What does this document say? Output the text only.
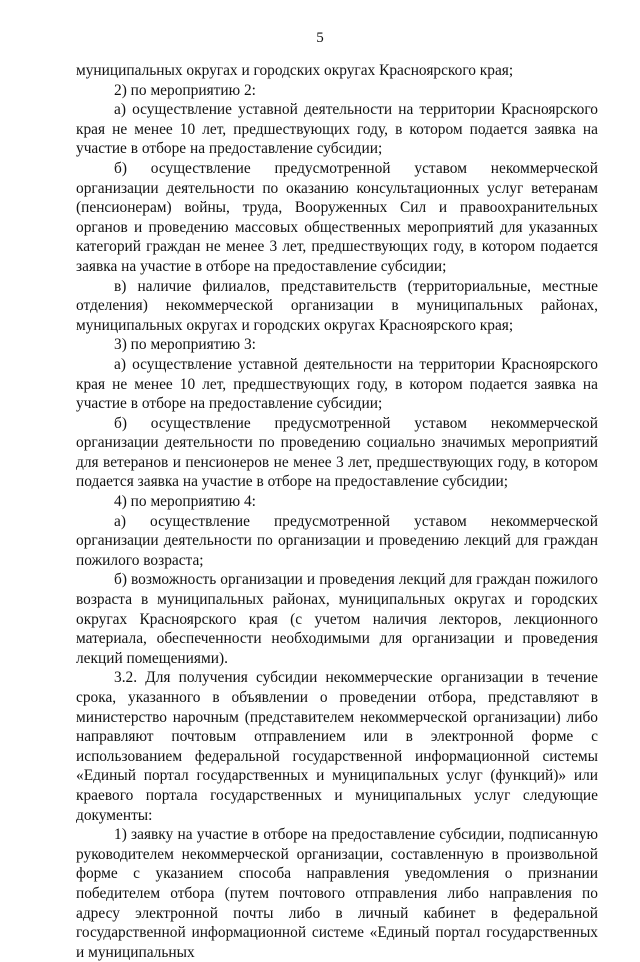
5

муниципальных округах и городских округах Красноярского края;

2) по мероприятию 2:

а) осуществление уставной деятельности на территории Красноярского края не менее 10 лет, предшествующих году, в котором подается заявка на участие в отборе на предоставление субсидии;

б) осуществление предусмотренной уставом некоммерческой организации деятельности по оказанию консультационных услуг ветеранам (пенсионерам) войны, труда, Вооруженных Сил и правоохранительных органов и проведению массовых общественных мероприятий для указанных категорий граждан не менее 3 лет, предшествующих году, в котором подается заявка на участие в отборе на предоставление субсидии;

в) наличие филиалов, представительств (территориальные, местные отделения) некоммерческой организации в муниципальных районах, муниципальных округах и городских округах Красноярского края;

3) по мероприятию 3:

а) осуществление уставной деятельности на территории Красноярского края не менее 10 лет, предшествующих году, в котором подается заявка на участие в отборе на предоставление субсидии;

б) осуществление предусмотренной уставом некоммерческой организации деятельности по проведению социально значимых мероприятий для ветеранов и пенсионеров не менее 3 лет, предшествующих году, в котором подается заявка на участие в отборе на предоставление субсидии;

4) по мероприятию 4:

а) осуществление предусмотренной уставом некоммерческой организации деятельности по организации и проведению лекций для граждан пожилого возраста;

б) возможность организации и проведения лекций для граждан пожилого возраста в муниципальных районах, муниципальных округах и городских округах Красноярского края (с учетом наличия лекторов, лекционного материала, обеспеченности необходимыми для организации и проведения лекций помещениями).

3.2. Для получения субсидии некоммерческие организации в течение срока, указанного в объявлении о проведении отбора, представляют в министерство нарочным (представителем некоммерческой организации) либо направляют почтовым отправлением или в электронной форме с использованием федеральной государственной информационной системы «Единый портал государственных и муниципальных услуг (функций)» или краевого портала государственных и муниципальных услуг следующие документы:

1) заявку на участие в отборе на предоставление субсидии, подписанную руководителем некоммерческой организации, составленную в произвольной форме с указанием способа направления уведомления о признании победителем отбора (путем почтового отправления либо направления по адресу электронной почты либо в личный кабинет в федеральной государственной информационной системе «Единый портал государственных и муниципальных
